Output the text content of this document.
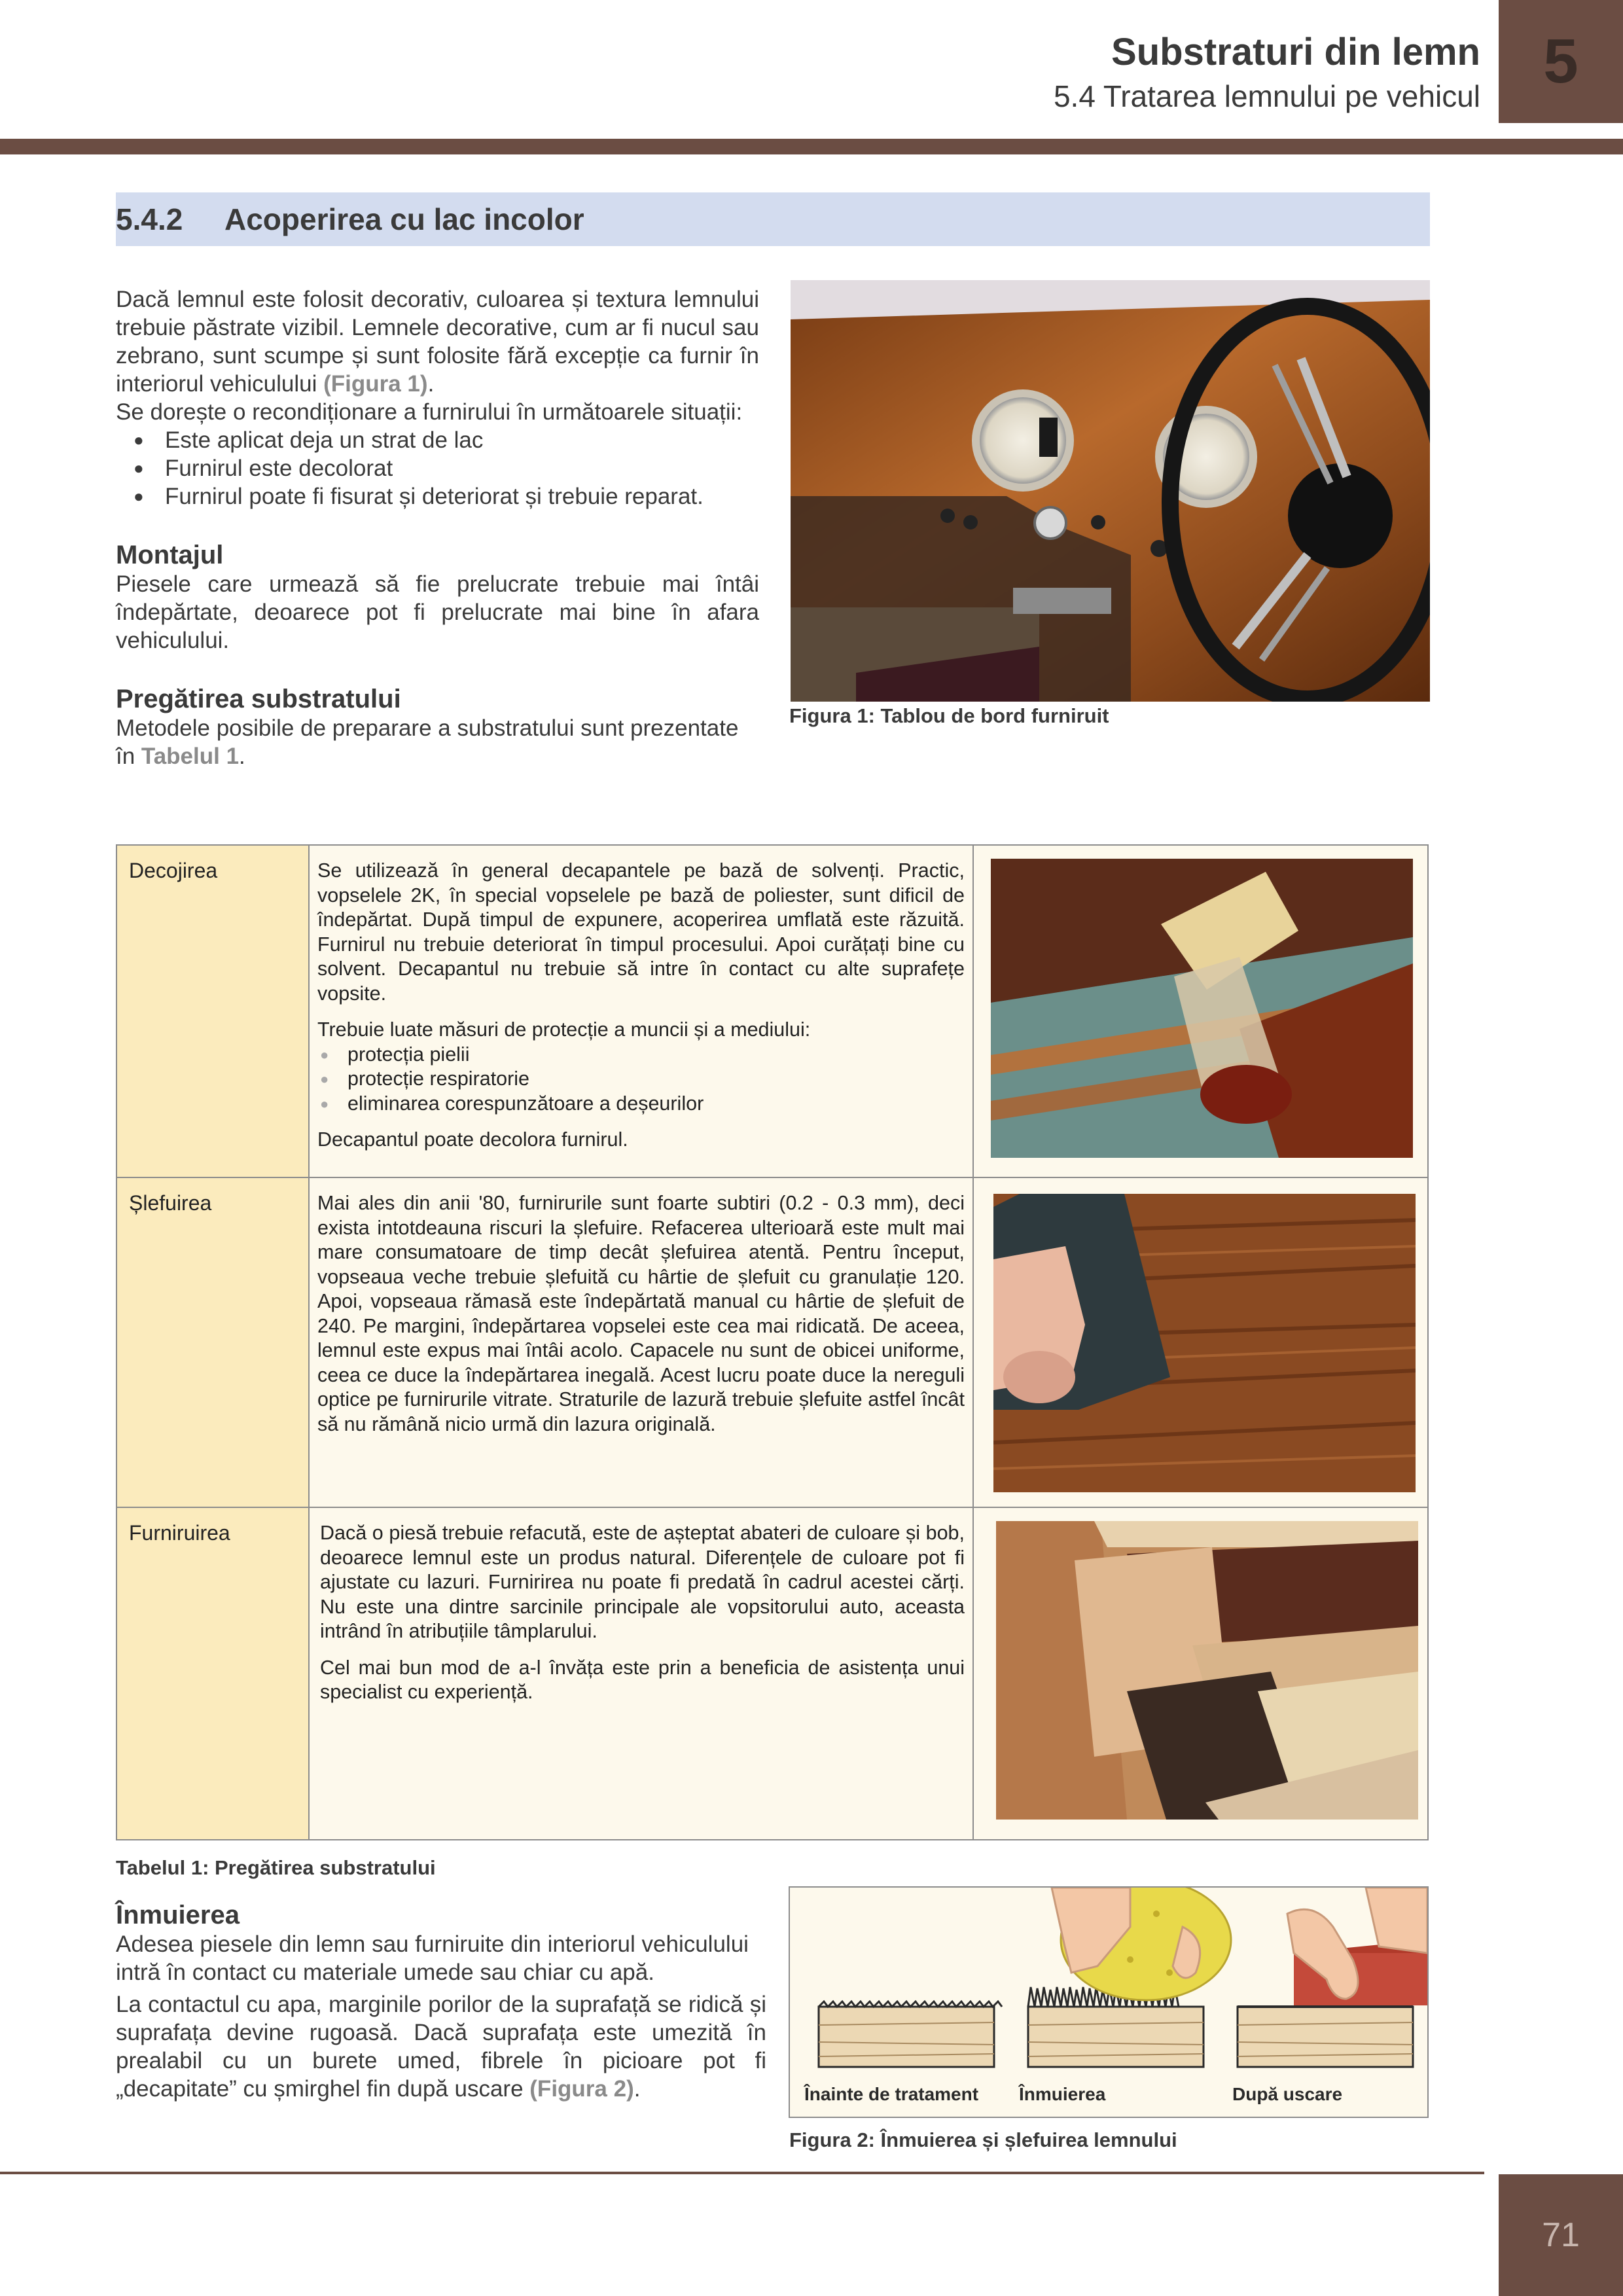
Substraturi din lemn
5.4 Tratarea lemnului pe vehicul 5
5.4.2	Acoperirea cu lac incolor
Dacă lemnul este folosit decorativ, culoarea și textura lemnului trebuie păstrate vizibil. Lemnele decorative, cum ar fi nucul sau zebrano, sunt scumpe și sunt folosite fără excepție ca furnir în interiorul vehiculului (Figura 1).
Se dorește o recondiționare a furnirului în următoarele situații:
● Este aplicat deja un strat de lac
● Furnirul este decolorat
● Furnirul poate fi fisurat și deteriorat și trebuie reparat.
Montajul
Piesele care urmează să fie prelucrate trebuie mai întâi îndepărtate, deoarece pot fi prelucrate mai bine în afara vehiculului.
Pregătirea substratului
Metodele posibile de preparare a substratului sunt prezentate în Tabelul 1.
Figura 1: Tablou de bord furniruit
Decojirea	Se utilizează în general decapantele pe bază de solvenți. Practic, vopselele 2K, în special vopselele pe bază de poliester, sunt dificil de îndepărtat. După timpul de expunere, acoperirea umflată este răzuită. Furnirul nu trebuie deteriorat în timpul procesului. Apoi curățați bine cu solvent. Decapantul nu trebuie să intre în contact cu alte suprafețe vopsite.

Trebuie luate măsuri de protecție a muncii și a mediului:

● protecția pielii
● protecție respiratorie
● eliminarea corespunzătoare a deșeurilor

Decapantul poate decolora furnirul.

Șlefuirea	Mai ales din anii '80, furnirurile sunt foarte subtiri (0.2 - 0.3 mm), deci exista intotdeauna riscuri la șlefuire. Refacerea ulterioară este mult mai mare consumatoare de timp decât șlefuirea atentă. Pentru început, vopseaua veche trebuie șlefuită cu hârtie de șlefuit cu granulație 120. Apoi, vopseaua rămasă este îndepărtată manual cu hârtie de șlefuit de 240. Pe margini, îndepărtarea vopselei este cea mai ridicată. De aceea, lemnul este expus mai întâi acolo. Capacele nu sunt de obicei uniforme, ceea ce duce la îndepărtarea inegală. Acest lucru poate duce la nereguli optice pe furnirurile vitrate. Straturile de lazură trebuie șlefuite astfel încât să nu rămână nicio urmă din lazura originală.

Furniruirea	Dacă o piesă trebuie refacută, este de așteptat abateri de culoare și bob, deoarece lemnul este un produs natural. Diferențele de culoare pot fi ajustate cu lazuri. Furnirirea nu poate fi predată în cadrul acestei cărți. Nu este una dintre sarcinile principale ale vopsitorului auto, aceasta intrând în atribuțiile tâmplarului.

Cel mai bun mod de a-l învăța este prin a beneficia de asistența unui specialist cu experiență.

Tabelul 1: Pregătirea substratului
Înmuierea
Adesea piesele din lemn sau furniruite din interiorul vehiculului intră în contact cu materiale umede sau chiar cu apă.
La contactul cu apa, marginile porilor de la suprafață se ridică și suprafața devine rugoasă. Dacă suprafața este umezită în prealabil cu un burete umed, fibrele în picioare pot fi „decapitate” cu șmirghel fin după uscare (Figura 2).	Înainte de tratament Înmuierea	După uscare
Figura 2: Înmuierea și șlefuirea lemnului
71
